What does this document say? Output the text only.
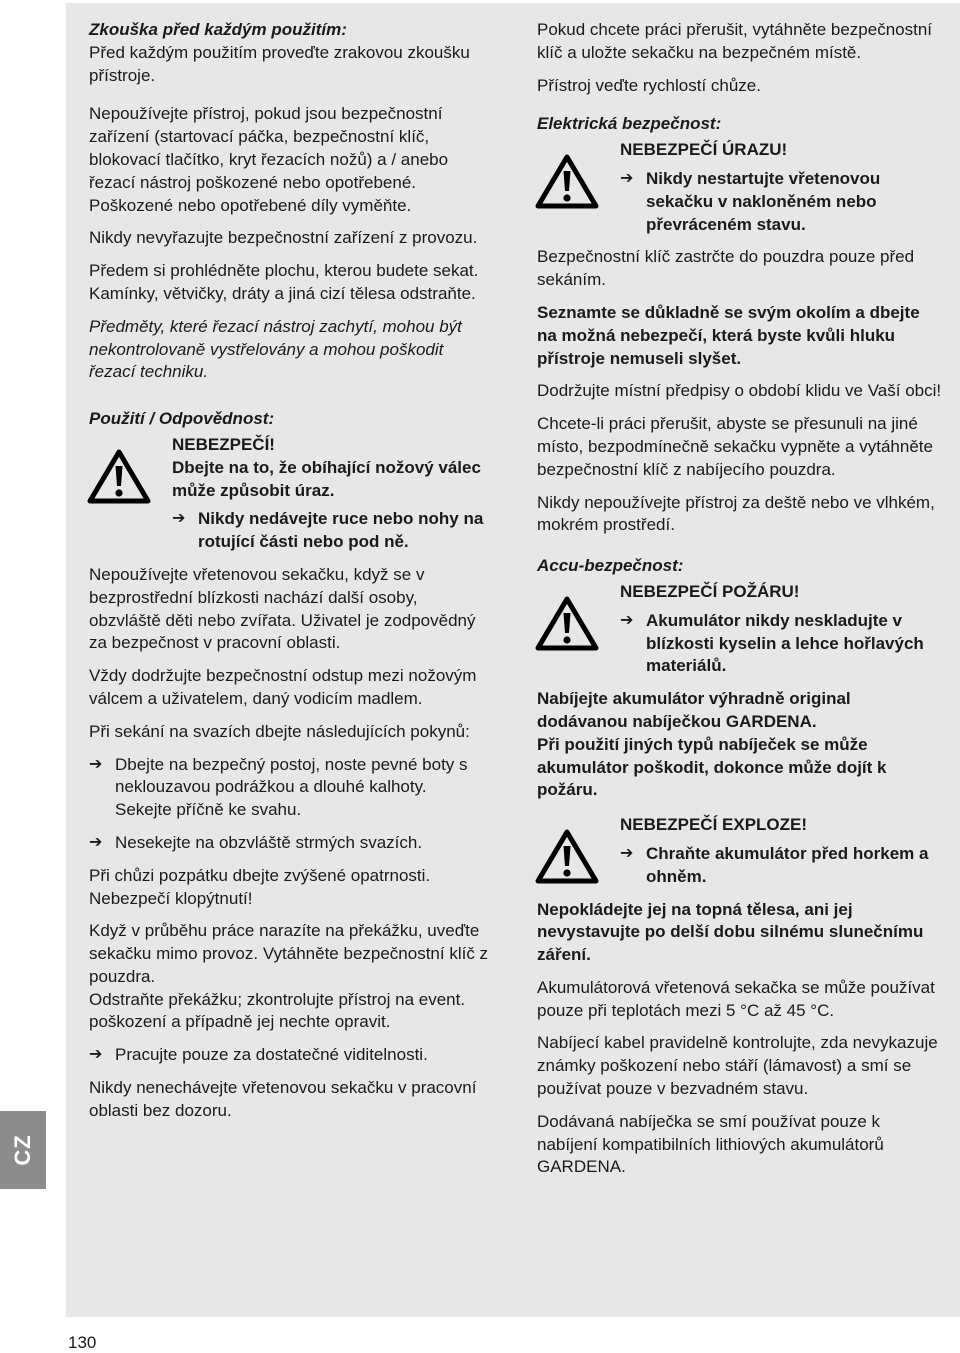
CZ
130
Zkouška před každým použitím:

Před každým použitím proveďte zrakovou zkoušku přístroje.

Nepoužívejte přístroj, pokud jsou bezpečnostní zařízení (startovací páčka, bezpečnostní klíč, blokovací tlačítko, kryt řezacích nožů) a / anebo řezací nástroj poškozené nebo opotřebené. Poškozené nebo opotřebené díly vyměňte.

Nikdy nevyřazujte bezpečnostní zařízení z provozu.

Předem si prohlédněte plochu, kterou budete sekat. Kamínky, větvičky, dráty a jiná cizí tělesa odstraňte.

Předměty, které řezací nástroj zachytí, mohou být nekontrolovaně vystřelovány a mohou poškodit řezací techniku.

Použití / Odpovědnost:
NEBEZPEČÍ!
Dbejte na to, že obíhající nožový válec může způsobit úraz.
➔ Nikdy nedávejte ruce nebo nohy na rotující části nebo pod ně.

Nepoužívejte vřetenovou sekačku, když se v bezprostřední blízkosti nachází další osoby, obzvláště děti nebo zvířata. Uživatel je zodpovědný za bezpečnost v pracovní oblasti.

Vždy dodržujte bezpečnostní odstup mezi nožovým válcem a uživatelem, daný vodicím madlem.

Při sekání na svazích dbejte následujících pokynů:

➔ Dbejte na bezpečný postoj, noste pevné boty s neklouzavou podrážkou a dlouhé kalhoty.
Sekejte příčně ke svahu.
➔ Nesekejte na obzvláště strmých svazích.

Při chůzi pozpátku dbejte zvýšené opatrnosti. Nebezpečí klopýtnutí!

Když v průběhu práce narazíte na překážku, uveďte sekačku mimo provoz. Vytáhněte bezpečnostní klíč z pouzdra.

Odstraňte překážku; zkontrolujte přístroj na event. poškození a případně jej nechte opravit.

➔ Pracujte pouze za dostatečné viditelnosti.

Nikdy nenechávejte vřetenovou sekačku v pracovní oblasti bez dozoru.

Pokud chcete práci přerušit, vytáhněte bezpečnostní klíč a uložte sekačku na bezpečném místě.

Přístroj veďte rychlostí chůze.

Elektrická bezpečnost:
NEBEZPEČÍ ÚRAZU!
➔ Nikdy nestartujte vřetenovou sekačku v nakloněném nebo převráceném stavu.

Bezpečnostní klíč zastrčte do pouzdra pouze před sekáním.

Seznamte se důkladně se svým okolím a dbejte na možná nebezpečí, která byste kvůli hluku přístroje nemuseli slyšet.

Dodržujte místní předpisy o období klidu ve Vaší obci!

Chcete-li práci přerušit, abyste se přesunuli na jiné místo, bezpodmínečně sekačku vypněte a vytáhněte bezpečnostní klíč z nabíjecího pouzdra.

Nikdy nepoužívejte přístroj za deště nebo ve vlhkém, mokrém prostředí.

Accu-bezpečnost:
NEBEZPEČÍ POŽÁRU!
➔ Akumulátor nikdy neskladujte v blízkosti kyselin a lehce hořlavých materiálů.

Nabíjejte akumulátor výhradně original dodávanou nabíječkou GARDENA.

Při použití jiných typů nabíječek se může akumulátor poškodit, dokonce může dojít k požáru.

NEBEZPEČÍ EXPLOZE!
➔ Chraňte akumulátor před horkem a ohněm.

Nepokládejte jej na topná tělesa, ani jej nevystavujte po delší dobu silnému slunečnímu záření.

Akumulátorová vřetenová sekačka se může používat pouze při teplotách mezi 5 °C až 45 °C.

Nabíjecí kabel pravidelně kontrolujte, zda nevykazuje známky poškození nebo stáří (lámavost) a smí se používat pouze v bezvadném stavu.

Dodávaná nabíječka se smí používat pouze k nabíjení kompatibilních lithiových akumulátorů GARDENA.
